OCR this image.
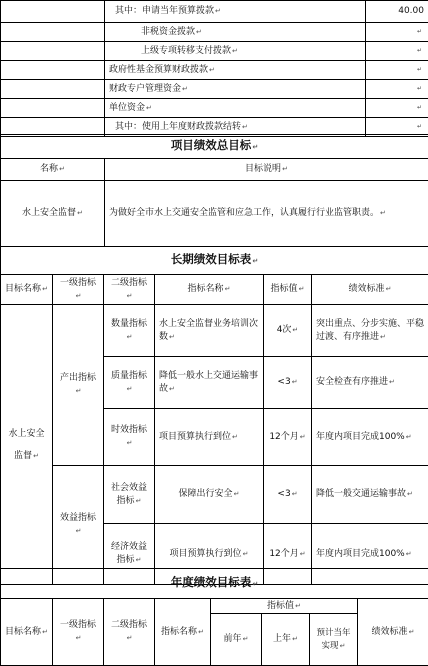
	其中：申请当年预算拨款 ↵	40.00
	非税资金拨款 ↵	↵

	上级专项转移支付拨款 ↵	↵

	政府性基金预算财政拨款 ↵	↵

	财政专户管理资金 ↵	↵

	单位资金 ↵	↵

	其中：使用上年度财政拨款结转 ↵	↵
项目绩效总目标 ↵
名称 ↵	目标说明 ↵
水上安全监督 ↵	为做好全市水上交通安全监管和应急工作，认真履行行业监管职责。 ↵
长期绩效目标表 ↵
目标名称 ↵	一级指标 ↵	二级指标 ↵	指标名称 ↵	指标值 ↵	绩效标准 ↵
水上安全监督 ↵	产出指标 ↵	数量指标 ↵	水上安全监督业务培训次数 ↵	4次 ↵	突出重点、分步实施、平稳过渡、有序推进 ↵
		质量指标 ↵	降低一般水上交通运输事故 ↵	<3 ↵	安全检查有序推进 ↵
		时效指标 ↵	项目预算执行到位 ↵	12个月 ↵	年度内项目完成100% ↵
	效益指标 ↵	社会效益指标 ↵	保障出行安全 ↵	<3 ↵	降低一般交通运输事故 ↵
		经济效益指标 ↵	项目预算执行到位 ↵	12个月 ↵	年度内项目完成100% ↵
年度绩效目标表 ↵
目标名称 ↵	一级指标 ↵	二级指标 ↵	指标名称 ↵	指标值 ↵			绩效标准 ↵
				前年 ↵	上年 ↵	预计当年实现 ↵
